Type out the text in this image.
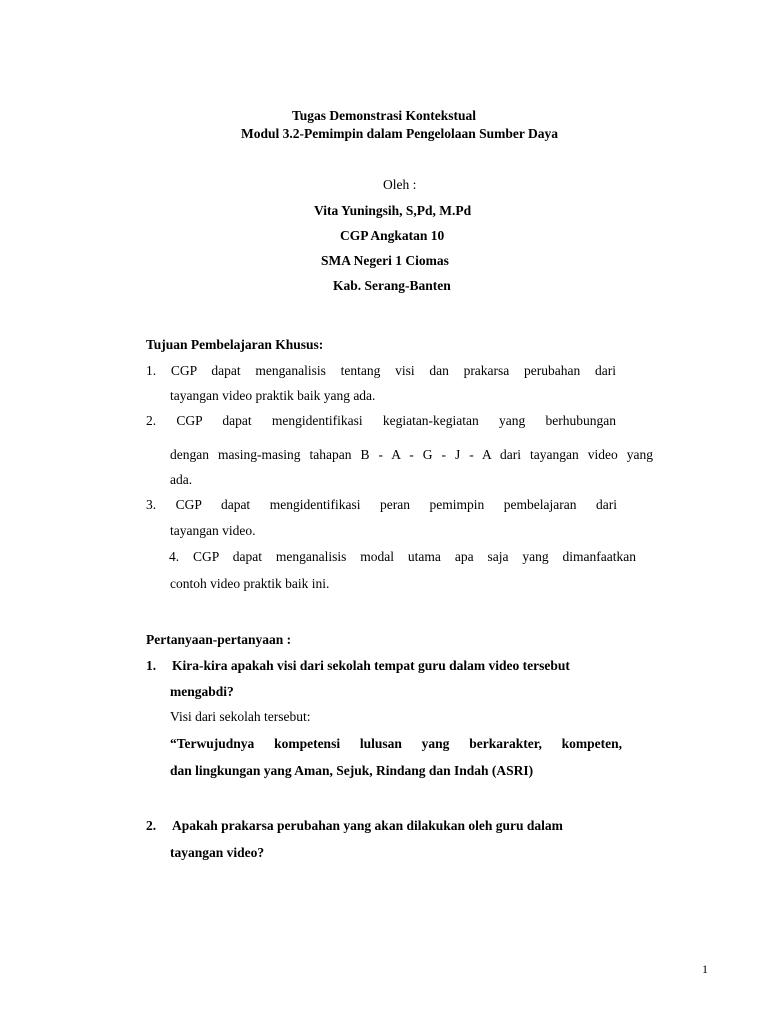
Tugas Demonstrasi Kontekstual
Modul 3.2-Pemimpin dalam Pengelolaan Sumber Daya
Oleh :
Vita Yuningsih, S,Pd, M.Pd
CGP Angkatan 10
SMA Negeri 1 Ciomas
Kab. Serang-Banten
Tujuan Pembelajaran Khusus:
1. CGP dapat menganalisis tentang visi dan prakarsa perubahan dari
tayangan video praktik baik yang ada.
2. CGP dapat mengidentifikasi kegiatan-kegiatan yang berhubungan
dengan masing-masing tahapan B - A - G - J - A dari tayangan video yang
ada.
3. CGP dapat mengidentifikasi peran pemimpin pembelajaran dari
tayangan video.
4. CGP dapat menganalisis modal utama apa saja yang dimanfaatkan
contoh video praktik baik ini.
Pertanyaan-pertanyaan :
1. Kira-kira apakah visi dari sekolah tempat guru dalam video tersebut
mengabdi?
Visi dari sekolah tersebut:
“Terwujudnya kompetensi lulusan yang berkarakter, kompeten,
dan lingkungan yang Aman, Sejuk, Rindang dan Indah (ASRI)
2. Apakah prakarsa perubahan yang akan dilakukan oleh guru dalam
tayangan video?
1
